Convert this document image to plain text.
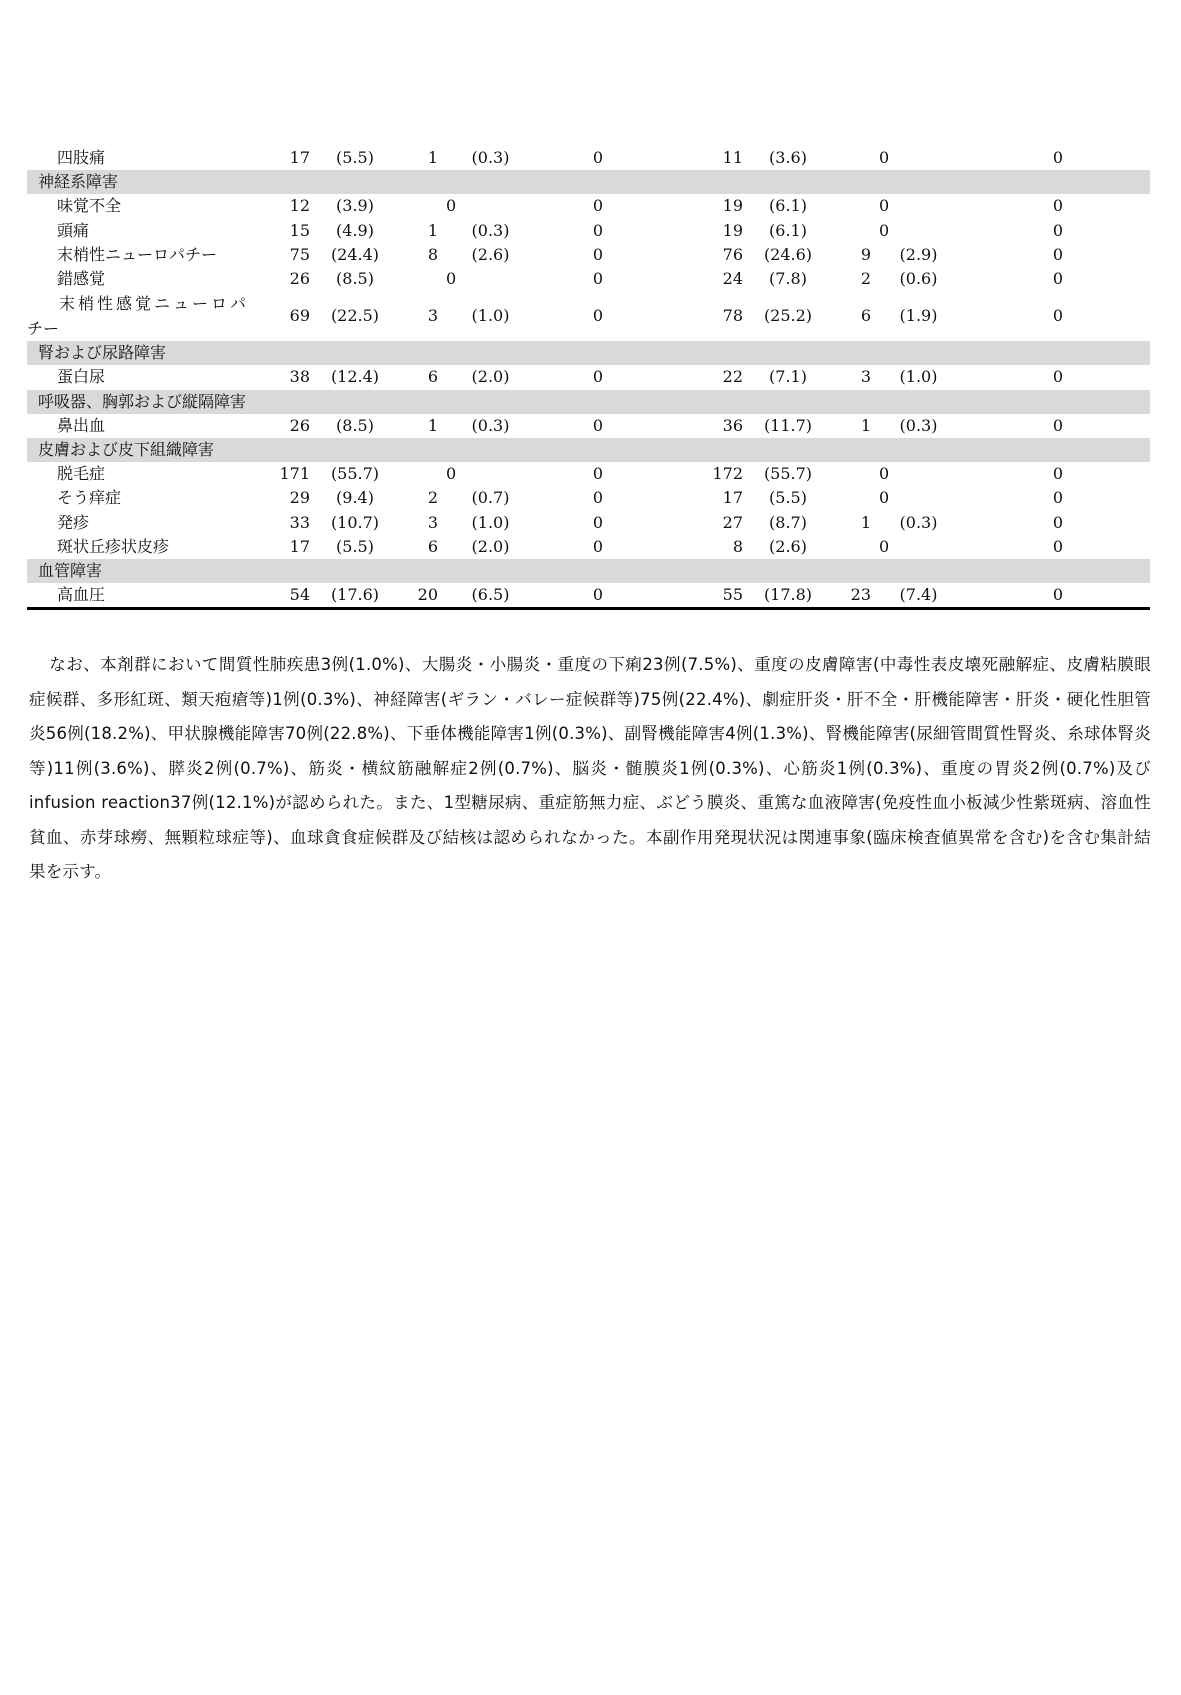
四肢痛	17	(5.5)	1	(0.3)	0	11	(3.6)		0	0
神経系障害										
味覚不全	12	(3.9)		0	0	19	(6.1)		0	0
頭痛	15	(4.9)	1	(0.3)	0	19	(6.1)		0	0
末梢性ニューロパチー	75	(24.4)	8	(2.6)	0	76	(24.6)	9	(2.9)	0
錯感覚	26	(8.5)		0	0	24	(7.8)	2	(0.6)	0
末梢性感覚ニューロパ
チー	69	(22.5)	3	(1.0)	0	78	(25.2)	6	(1.9)	0
腎および尿路障害										
蛋白尿	38	(12.4)	6	(2.0)	0	22	(7.1)	3	(1.0)	0
呼吸器、胸郭および縦隔障害										
鼻出血	26	(8.5)	1	(0.3)	0	36	(11.7)	1	(0.3)	0
皮膚および皮下組織障害										
脱毛症	171	(55.7)		0	0	172	(55.7)		0	0
そう痒症	29	(9.4)	2	(0.7)	0	17	(5.5)		0	0
発疹	33	(10.7)	3	(1.0)	0	27	(8.7)	1	(0.3)	0
斑状丘疹状皮疹	17	(5.5)	6	(2.0)	0	8	(2.6)		0	0
血管障害										
高血圧	54	(17.6)	20	(6.5)	0	55	(17.8)	23	(7.4)	0
なお、本剤群において間質性肺疾患3例(1.0%)、大腸炎・小腸炎・重度の下痢23例(7.5%)、重度の皮膚障害(中毒性表皮壊死融解症、皮膚粘膜眼症候群、多形紅斑、類天疱瘡等)1例(0.3%)、神経障害(ギラン・バレー症候群等)75例(22.4%)、劇症肝炎・肝不全・肝機能障害・肝炎・硬化性胆管炎56例(18.2%)、甲状腺機能障害70例(22.8%)、下垂体機能障害1例(0.3%)、副腎機能障害4例(1.3%)、腎機能障害(尿細管間質性腎炎、糸球体腎炎等)11例(3.6%)、膵炎2例(0.7%)、筋炎・横紋筋融解症2例(0.7%)、脳炎・髄膜炎1例(0.3%)、心筋炎1例(0.3%)、重度の胃炎2例(0.7%)及びinfusion reaction37例(12.1%)が認められた。また、1型糖尿病、重症筋無力症、ぶどう膜炎、重篤な血液障害(免疫性血小板減少性紫斑病、溶血性貧血、赤芽球癆、無顆粒球症等)、血球貪食症候群及び結核は認められなかった。本副作用発現状況は関連事象(臨床検査値異常を含む)を含む集計結果を示す。
